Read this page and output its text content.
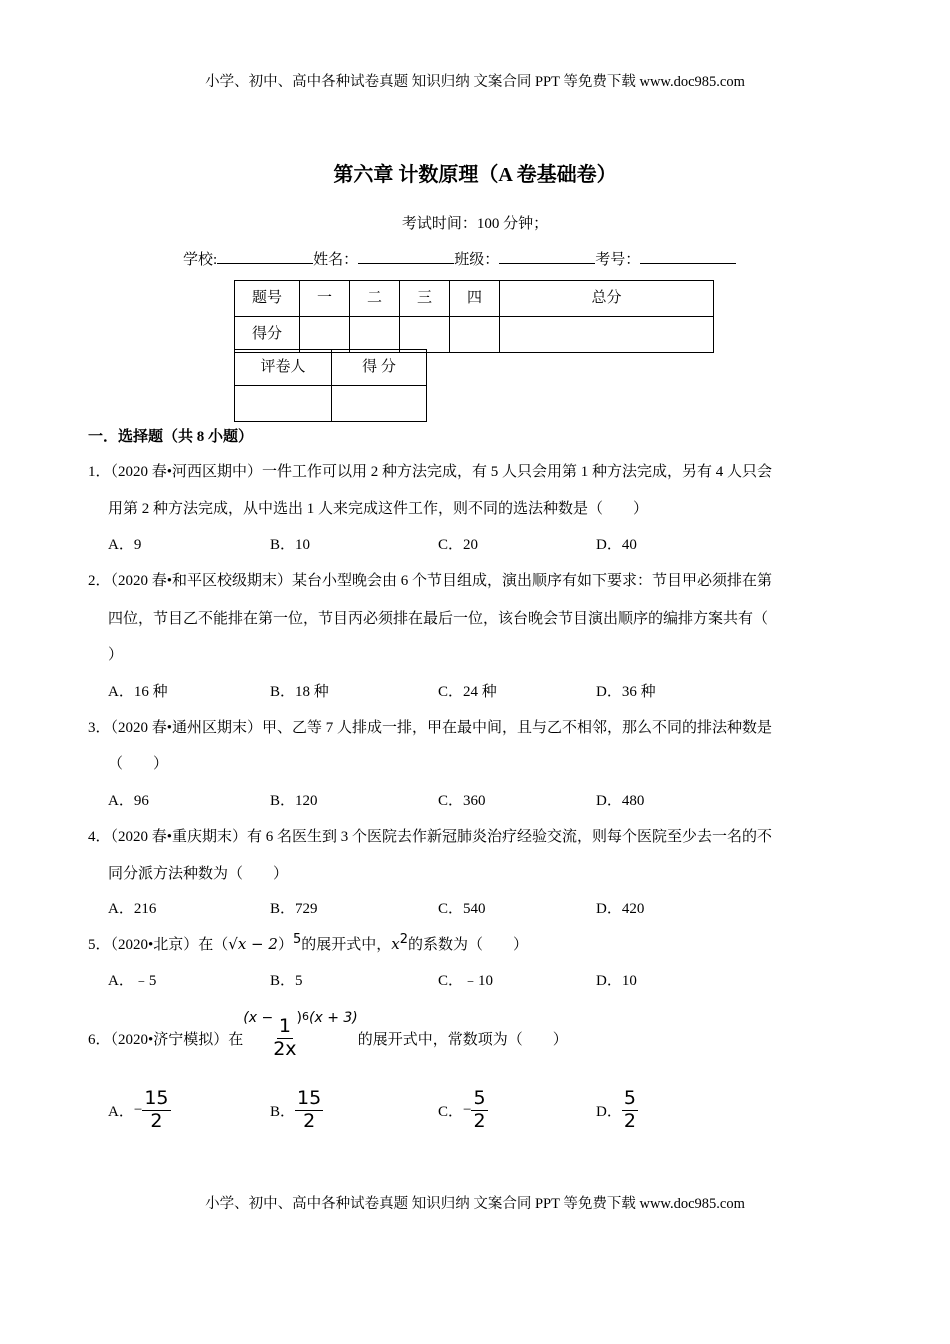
小学、初中、高中各种试卷真题 知识归纳 文案合同 PPT 等免费下载 www.doc985.com
第六章 计数原理（A 卷基础卷）
考试时间：100 分钟；
学校:	姓名：	班级：	考号：
题号	一	二	三	四	总分
得分					
评卷人	得 分

一．选择题（共 8 小题）
1．（2020 春•河西区期中）一件工作可以用 2 种方法完成，有 5 人只会用第 1 种方法完成，另有 4 人只会
用第 2 种方法完成，从中选出 1 人来完成这件工作，则不同的选法种数是（　　）
A．9	B．10	C．20	D．40
2．（2020 春•和平区校级期末）某台小型晚会由 6 个节目组成，演出顺序有如下要求：节目甲必须排在第
四位，节目乙不能排在第一位，节目丙必须排在最后一位，该台晚会节目演出顺序的编排方案共有（
）
A．16 种	B．18 种	C．24 种	D．36 种
3．（2020 春•通州区期末）甲、乙等 7 人排成一排，甲在最中间，且与乙不相邻，那么不同的排法种数是
（　　）
A．96	B．120	C．360	D．480
4．（2020 春•重庆期末）有 6 名医生到 3 个医院去作新冠肺炎治疗经验交流，则每个医院至少去一名的不
同分派方法种数为（　　）
A．216	B．729	C．540	D．420
5．（2020•北京）在$(√x - 2)^5$的展开式中，$x^2$的系数为（　　）
A．﹣5	B．5	C．﹣10	D．10
6．（2020•济宁模拟）在
($x - \frac{1}{2x}$ ) 6 (x + 3)
的展开式中，常数项为（　　）
A． − $\frac{15}{2}$	B． $\frac{15}{2}$	C． − $\frac{5}{2}$	D． $\frac{5}{2}$
小学、初中、高中各种试卷真题 知识归纳 文案合同 PPT 等免费下载 www.doc985.com
